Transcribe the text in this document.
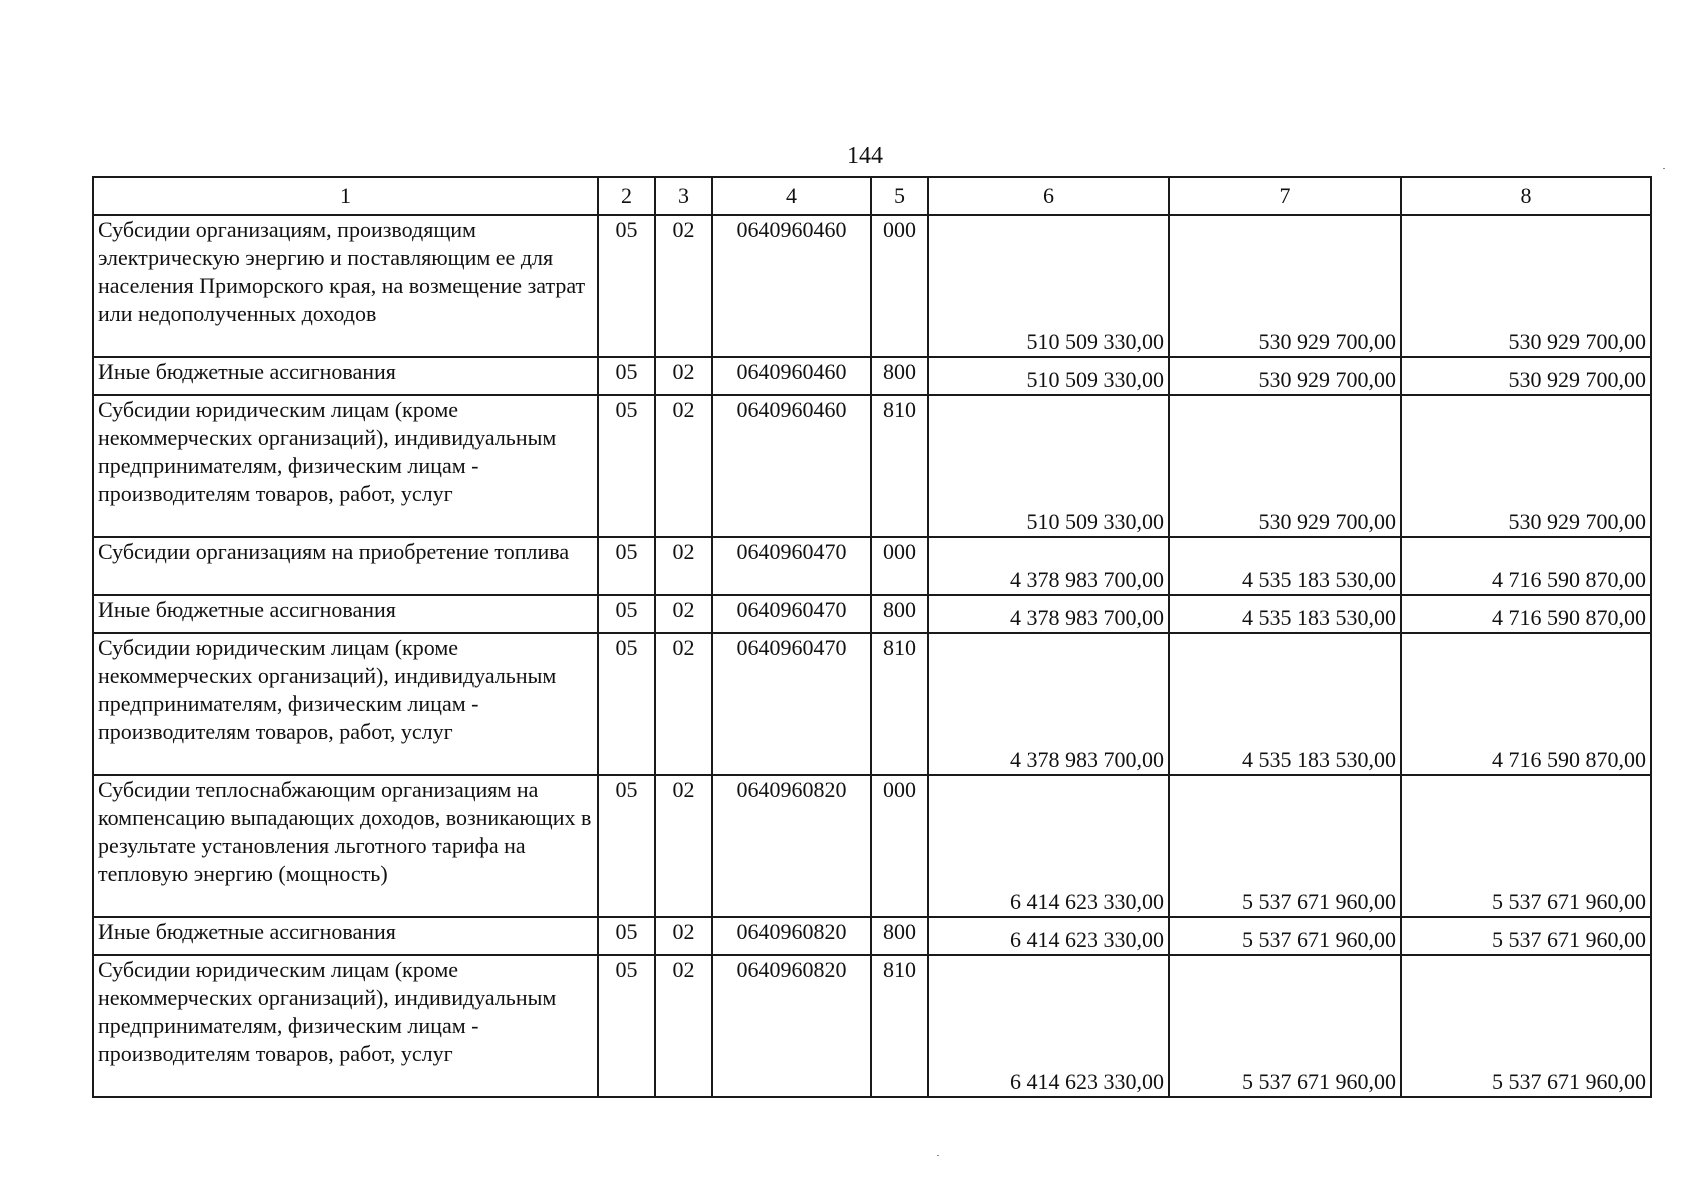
144
1	2	3	4	5	6	7	8
Субсидии организациям, производящим электрическую энергию и поставляющим ее для населения Приморского края, на возмещение затрат или недополученных доходов	05	02	0640960460	000	510 509 330,00	530 929 700,00	530 929 700,00
Иные бюджетные ассигнования	05	02	0640960460	800	510 509 330,00	530 929 700,00	530 929 700,00
Субсидии юридическим лицам (кроме некоммерческих организаций), индивидуальным предпринимателям, физическим лицам - производителям товаров, работ, услуг	05	02	0640960460	810	510 509 330,00	530 929 700,00	530 929 700,00
Субсидии организациям на приобретение топлива	05	02	0640960470	000	4 378 983 700,00	4 535 183 530,00	4 716 590 870,00
Иные бюджетные ассигнования	05	02	0640960470	800	4 378 983 700,00	4 535 183 530,00	4 716 590 870,00
Субсидии юридическим лицам (кроме некоммерческих организаций), индивидуальным предпринимателям, физическим лицам - производителям товаров, работ, услуг	05	02	0640960470	810	4 378 983 700,00	4 535 183 530,00	4 716 590 870,00
Субсидии теплоснабжающим организациям на компенсацию выпадающих доходов, возникающих в результате установления льготного тарифа на тепловую энергию (мощность)	05	02	0640960820	000	6 414 623 330,00	5 537 671 960,00	5 537 671 960,00
Иные бюджетные ассигнования	05	02	0640960820	800	6 414 623 330,00	5 537 671 960,00	5 537 671 960,00
Субсидии юридическим лицам (кроме некоммерческих организаций), индивидуальным предпринимателям, физическим лицам - производителям товаров, работ, услуг	05	02	0640960820	810	6 414 623 330,00	5 537 671 960,00	5 537 671 960,00
